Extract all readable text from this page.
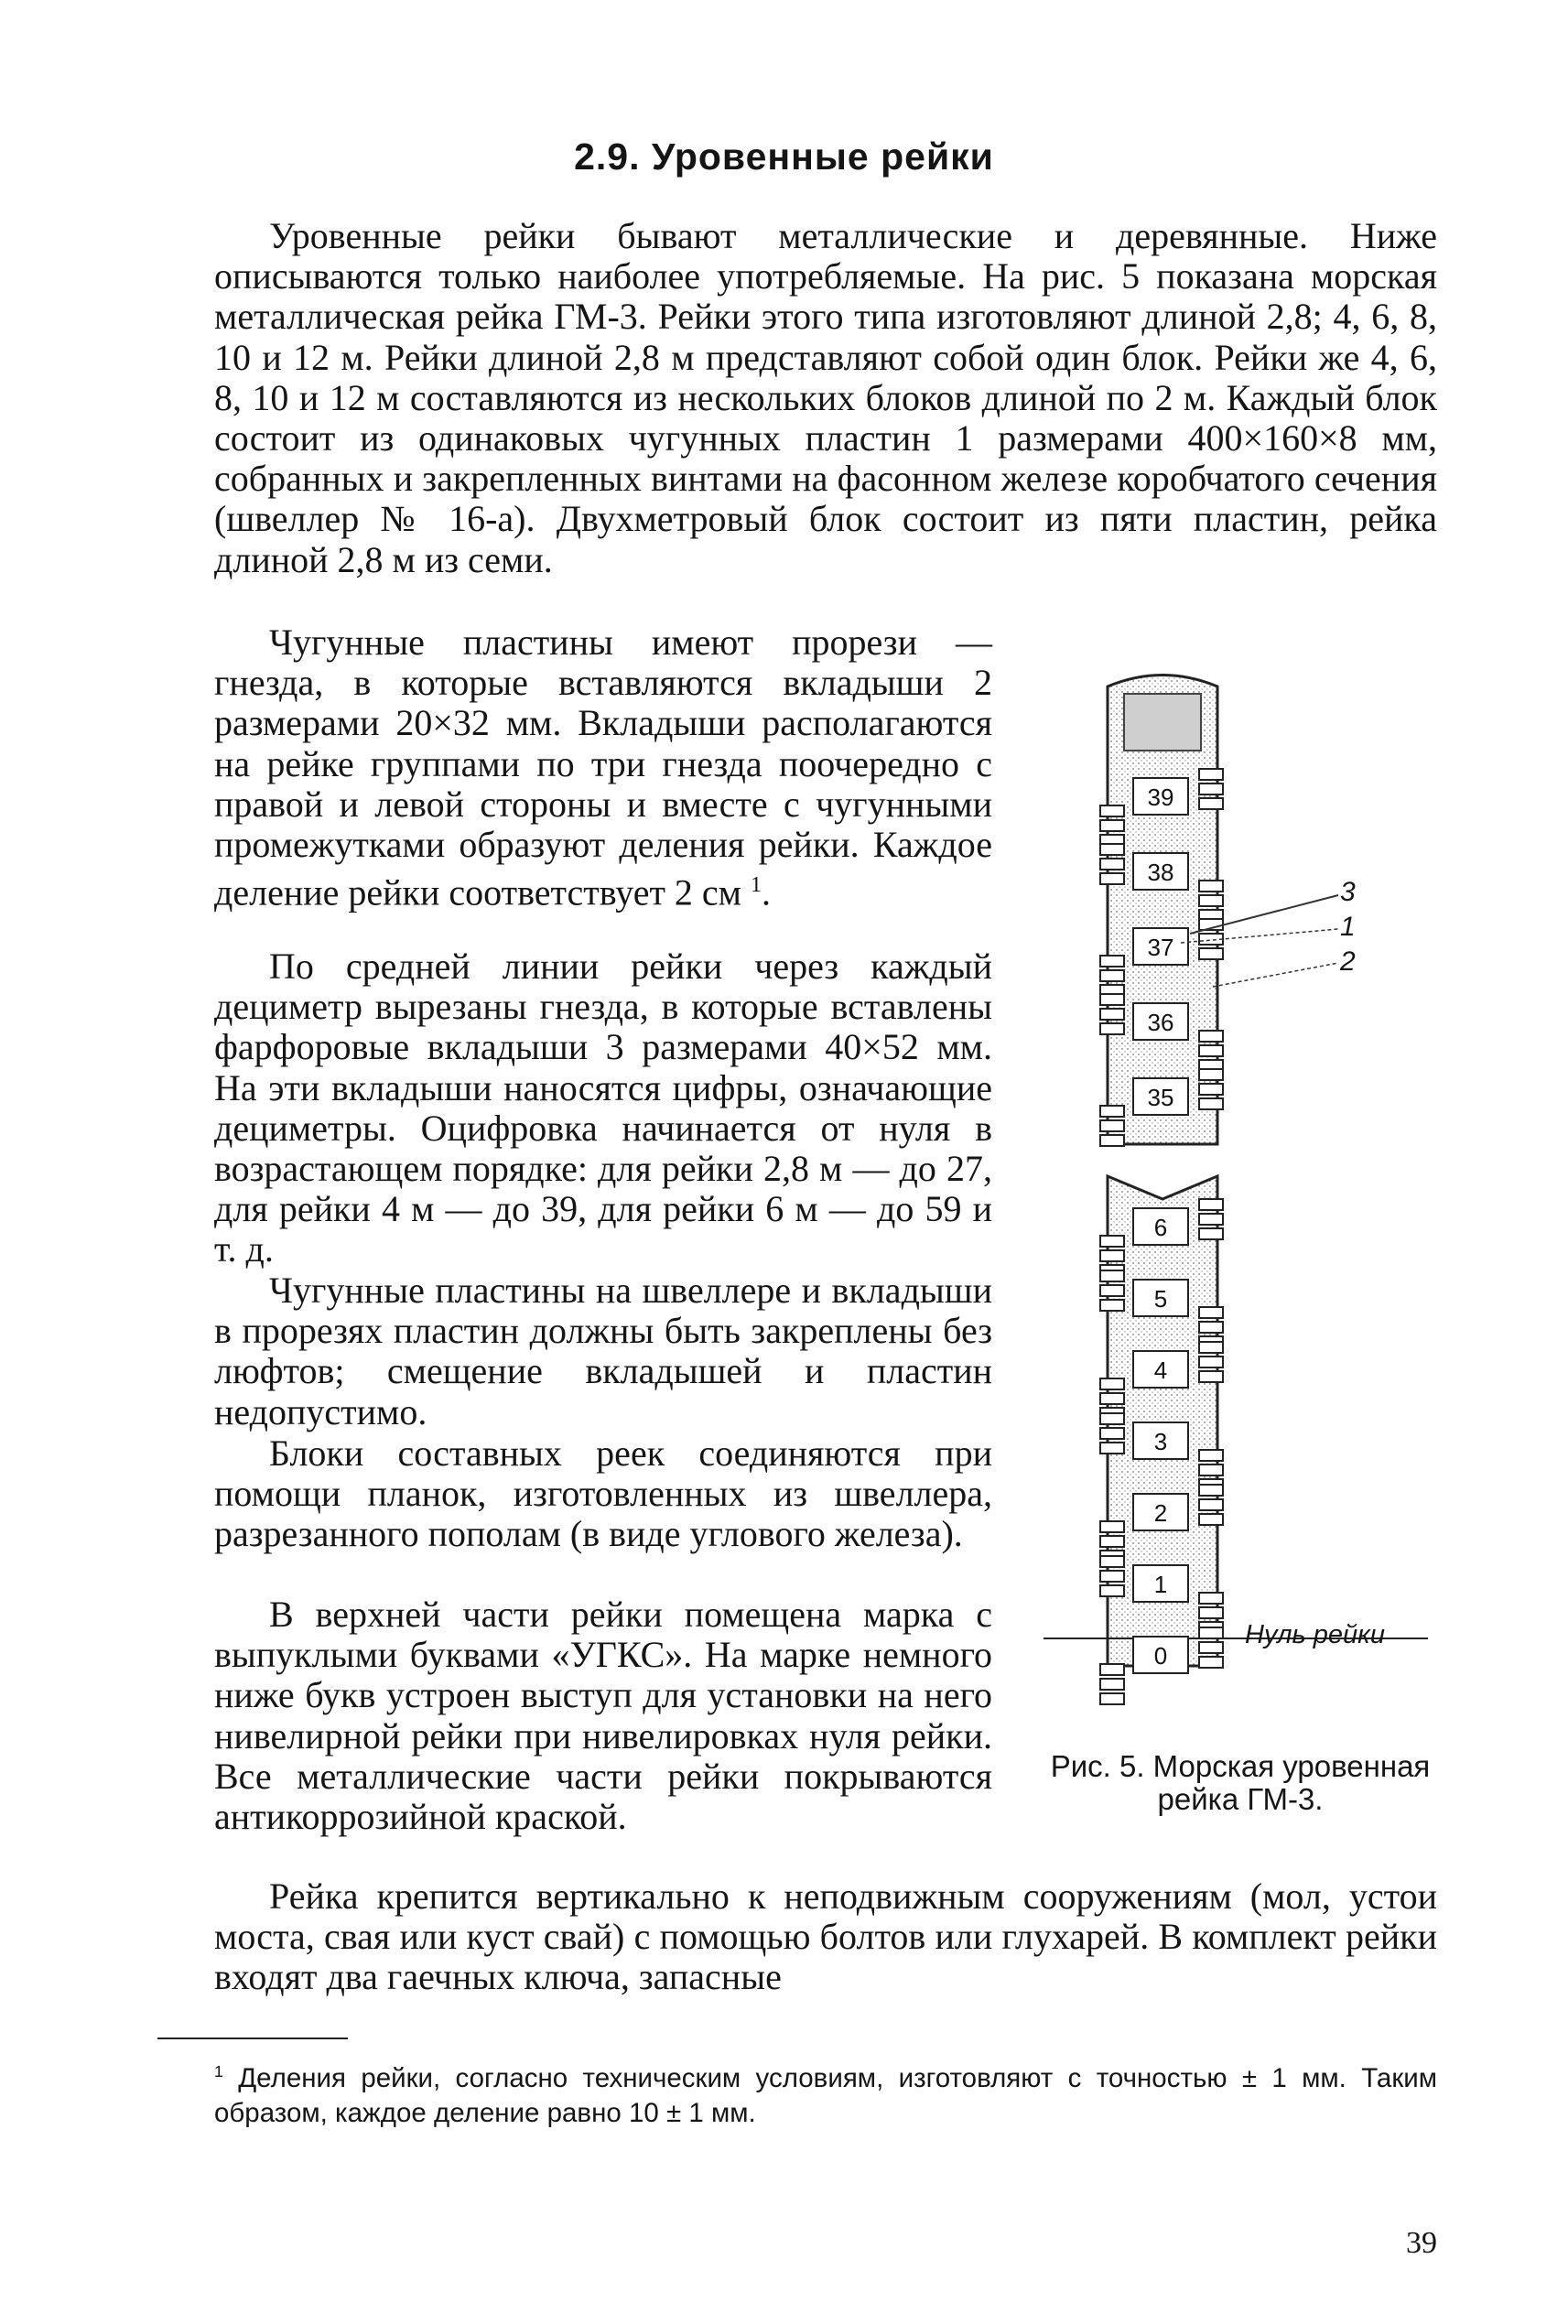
2.9. Уровенные рейки

  Уровенные рейки бывают металлические и деревянные. Ниже описываются только наиболее употребляемые. На рис. 5 показана морская металлическая рейка ГМ-3. Рейки этого типа изготовляют длиной 2,8; 4, 6, 8, 10 и 12 м. Рейки длиной 2,8 м представляют собой один блок. Рейки же 4, 6, 8, 10 и 12 м составляются из нескольких блоков длиной по 2 м. Каждый блок состоит из одинаковых чугунных пластин 1 размерами 400×160×8 мм, собранных и закрепленных винтами на фасонном железе коробчатого сечения (швеллер № 16-а). Двухметровый блок состоит из пяти пластин, рейка длиной 2,8 м из семи.

  Чугунные пластины имеют прорези — гнезда, в которые вставляются вкладыши 2 размерами 20×32 мм. Вкладыши располагаются на рейке группами по три гнезда поочередно с правой и левой стороны и вместе с чугунными промежутками образуют деления рейки. Каждое деление рейки соответствует 2 см $^1$.

  По средней линии рейки через каждый дециметр вырезаны гнезда, в которые вставлены фарфоровые вкладыши 3 размерами 40×52 мм. На эти вкладыши наносятся цифры, означающие дециметры. Оцифровка начинается от нуля в возрастающем порядке: для рейки 2,8 м — до 27, для рейки 4 м — до 39, для рейки 6 м — до 59 и т. д.

  Чугунные пластины на швеллере и вкладыши в прорезях пластин должны быть закреплены без люфтов; смещение вкладышей и пластин недопустимо.

  Блоки составных реек соединяются при помощи планок, изготовленных из швеллера, разрезанного пополам (в виде углового железа).

  В верхней части рейки помещена марка с выпуклыми буквами «УГКС». На марке немного ниже букв устроен выступ для установки на него нивелирной рейки при нивелировках нуля рейки. Все металлические части рейки покрываются антикоррозийной краской.

  Рейка крепится вертикально к неподвижным сооружениям (мол, устои моста, свая или куст свай) с помощью болтов или глухарей. В комплект рейки входят два гаечных ключа, запасные

39
38
37
36
35
6
5
4
3
2
1
0
3
1
2
Нуль рейки
Рис. 5. Морская уровенная рейка ГМ-3.

$^1$ Деления рейки, согласно техническим условиям, изготовляют с точностью ± 1 мм. Таким образом, каждое деление равно 10 ± 1 мм.

39
